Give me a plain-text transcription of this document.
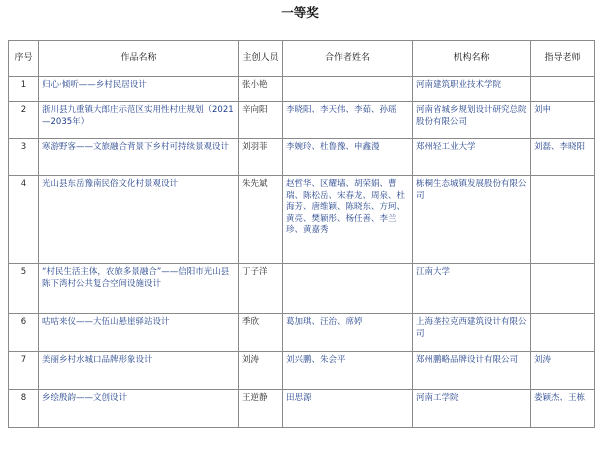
一等奖
序号	作品名称	主创人员	合作者姓名	机构名称	指导老师
1	归心·倾听——乡村民居设计	张小艳		河南建筑职业技术学院	
2	浙川县九重镇大郎庄示范区实用性村庄规划（2021—2035年）	辛向阳	李晓阳、李天伟、李茹、孙瑶	河南省城乡规划设计研究总院股份有限公司	刘申
3	寒游野客——文旅融合背景下乡村可持续景观设计	刘羽菲	李婉玲、杜鲁豫、申鑫漫	郑州轻工业大学	刘磊、李晓阳
4	光山县东岳豫南民俗文化村景观设计	朱先斌	赵哲华、区耀墙、胡荣娟、曹瑞、陈松岳、宋春龙、周泉、杜海芳、唐维颖、陈晓东、方珂、黄亮、樊颖彤、杨任善、李兰珍、黄嘉秀	栋桐生态城镇发展股份有限公司	
5	“村民生活主体，农旅多景融合”——信阳市光山县陈下湾村公共复合空间设施设计	丁子洋		江南大学	
6	咕咕来仪——大伍山悬崖驿站设计	季欣	葛加琪、汪治、席婷	上海垄拉克西建筑设计有限公司	
7	美丽乡村水城口品牌形象设计	刘涛	刘兴鹏、朱会平	郑州鹏略品牌设计有限公司	刘涛
8	乡绘殷韵——文创设计	王逆静	田思源	河南工学院	娄颖杰、王栋
